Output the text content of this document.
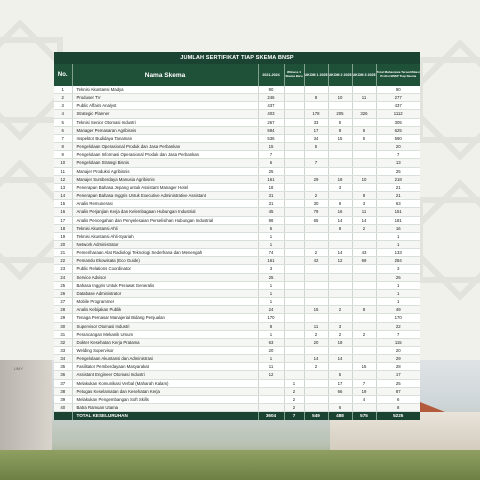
UMY
JUMLAH SERTIFIKAT TIAP SKEMA BNSP
No.	Nama Skema	2021-2024	Witness 4 Skema Baru	UKOM 1 2025	UKOM 2 2025	UKOM 3 2025	Total Mahasiswa Tersertifikasi Profisi BNSP Tiap Skema
1	Teknisi Akuntansi Madya	90					90
2	Produser TV	246		8	10	11	277
3	Public Affairs Analyst	437					437
4	Strategic Planner	403		178	205	326	1112
5	Teknisi Senior Otomasi Industri	267		33	5		305
6	Manager Pemasaran Agribisnis	594		17	8	6	625
7	Inspektor Budidaya Tanaman	536		34	15	5	590
8	Pengelolaan Operasional Produk dan Jasa Perbankan	15		5			20
9	Pengelolaan Informasi Operasional Produk dan Jasa Perbankan	7					7
10	Pengelolaan Strategi Bisnis	6		7			13
11	Manajer Produksi Agribisnis	25					25
12	Manajer Sumberdaya Manusia Agribisnis	161		29	18	10	218
13	Penerapan Bahasa Jepang untuk Assistant Manager Hotel	18			3		21
14	Penerapan Bahasa Inggris Untuk Executive Administrative Assistant	31		2		8	21
15	Analis Remunerasi	31		30	9	3	63
16	Analis Perjanjian Kerja dan Kelembagaan Hubungan Industrial	45		79	16	11	151
17	Analis Pencegahan dan Penyelesaian Perselisihan Hubungan Industrial	88		65	14	14	181
18	Teknisi Akuntansi Ahli	6			8	2	16
19	Teknisi Akuntansi Ahli-Syariah	1					1
20	Network Administrator	1					1
21	Pemeriharaan Alat Radiologi Teknologi Sederhana dan Menengah	74		2	14	43	133
22	Pemandu Ekowisata (Eco Guide)	161		42	12	69	284
23	Public Relations Coordinator	3					3
24	Service Advisor	25					25
25	Bahasa Inggris Untuk Perawat Generalis	1					1
26	Database Administrator	1					1
27	Mobile Programmer	1					1
28	Analis Kebijakan Publik	24		15	2	8	49
29	Tenaga Pemasar Manajerial Bidang Penjualan	170					170
30	Supervisor Otomasi Industri	8		11	3		22
31	Perancangan Mekanik Umum	1		2	2	2	7
32	Dokter Kesehatan Kerja Pratama	63		20	18		115
33	Welding Supervisor	20					20
34	Pengelolaan Akuntansi dan Administrasi	1		14	14		29
35	Fasilitator Pemberdayaan Masyarakat	11		2		15	28
36	Assistant Engineer Otomasi Industri	12			5		17
37	Melakukan Komunikasi Verbal (Maharah Kalam)		1		17	7	25
38	Petugas Keselamatan dan Kesehatan Kerja		2		66	19	87
39	Melakukan Pengembangan Soft Skills		2			4	6
40	Batra Ramuan Utama		2		6		8
	TOTAL KESELURUHAN	3604	7	549	488	575	5225
